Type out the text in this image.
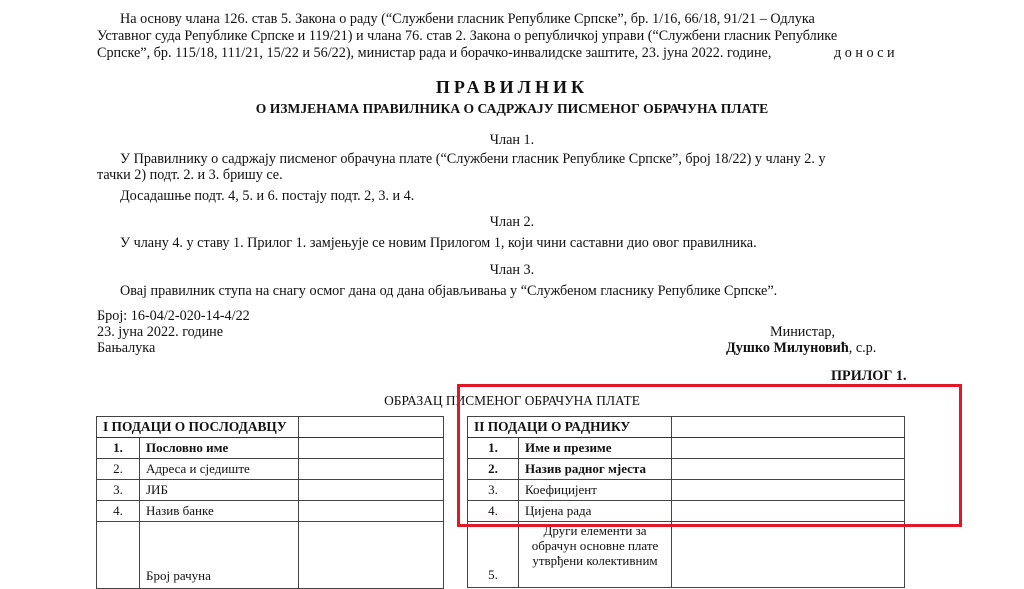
На основу члана 126. став 5. Закона о раду (“Службени гласник Републике Српске”, бр. 1/16, 66/18, 91/21 – Одлука
Уставног суда Републике Српске и 119/21) и члана 76. став 2. Закона о републичкој управи (“Службени гласник Републике
Српске”, бр. 115/18, 111/21, 15/22 и 56/22), министар рада и борачко-инвалидске заштите, 23. јуна 2022. године,	д о н о с и
ПРАВИЛНИК
О ИЗМЈЕНАМА ПРАВИЛНИКА О САДРЖАЈУ ПИСМЕНОГ ОБРАЧУНА ПЛАТЕ
Члан 1.
У Правилнику о садржају писменог обрачуна плате (“Службени гласник Републике Српске”, број 18/22) у члану 2. у
тачки 2) подт. 2. и 3. бришу се.
Досадашње подт. 4, 5. и 6. постају подт. 2, 3. и 4.
Члан 2.
У члану 4. у ставу 1. Прилог 1. замјењује се новим Прилогом 1, који чини саставни дио овог правилника.
Члан 3.
Овај правилник ступа на снагу осмог дана од дана објављивања у “Службеном гласнику Републике Српске”.
Број: 16-04/2-020-14-4/22
23. јуна 2022. године
Бањалука
Министар,
Душко Милуновић, с.р.
ПРИЛОГ 1.
ОБРАЗАЦ ПИСМЕНОГ ОБРАЧУНА ПЛАТЕ
I ПОДАЦИ О ПОСЛОДАВЦУ		
1.	Пословно име	
2.	Адреса и сједиште	
3.	ЈИБ	
4.	Назив банке	
	Број рачуна	
II ПОДАЦИ О РАДНИКУ		
1.	Име и презиме	
2.	Назив радног мјеста	
3.	Коефицијент	
4.	Цијена рада	
5.	Други елементи за обрачун основне плате утврђени колективним	
